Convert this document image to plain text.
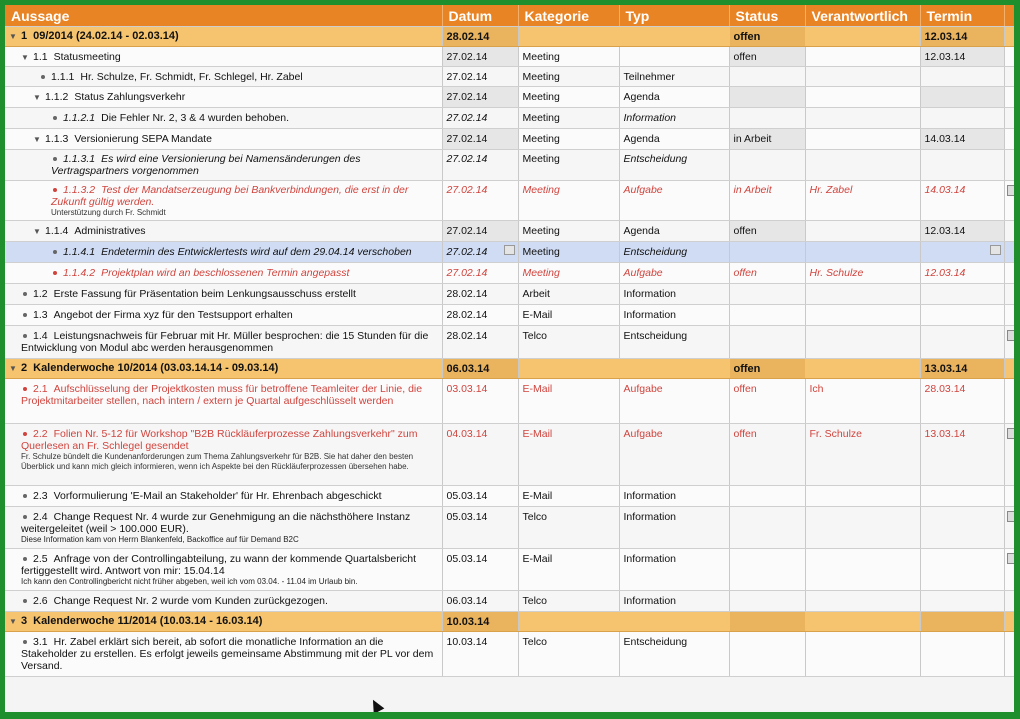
Aussage	Datum	Kategorie	Typ	Status	Verantwortlich	Termin	
▼ 1 09/2014 (24.02.14 - 02.03.14)	28.02.14			offen		12.03.14	
▼ 1.1 Statusmeeting	27.02.14	Meeting		offen		12.03.14	
1.1.1 Hr. Schulze, Fr. Schmidt, Fr. Schlegel, Hr. Zabel	27.02.14	Meeting	Teilnehmer				
▼ 1.1.2 Status Zahlungsverkehr	27.02.14	Meeting	Agenda				
1.1.2.1 Die Fehler Nr. 2, 3 & 4 wurden behoben.	27.02.14	Meeting	Information				
▼ 1.1.3 Versionierung SEPA Mandate	27.02.14	Meeting	Agenda	in Arbeit		14.03.14	
1.1.3.1 Es wird eine Versionierung bei Namensänderungen des Vertragspartners vorgenommen	27.02.14	Meeting	Entscheidung				
1.1.3.2 Test der Mandatserzeugung bei Bankverbindungen, die erst in der Zukunft gültig werden.
Unterstützung durch Fr. Schmidt	27.02.14	Meeting	Aufgabe	in Arbeit	Hr. Zabel	14.03.14	

▼ 1.1.4 Administratives	27.02.14	Meeting	Agenda	offen		12.03.14	
1.1.4.1 Endetermin des Entwicklertests wird auf dem 29.04.14 verschoben	27.02.14	Meeting	Entscheidung			

1.1.4.2 Projektplan wird an beschlossenen Termin angepasst	27.02.14	Meeting	Aufgabe	offen	Hr. Schulze	12.03.14	
1.2 Erste Fassung für Präsentation beim Lenkungsausschuss erstellt	28.02.14	Arbeit	Information				
1.3 Angebot der Firma xyz für den Testsupport erhalten	28.02.14	E-Mail	Information				
1.4 Leistungsnachweis für Februar mit Hr. Müller besprochen: die 15 Stunden für die Entwicklung von Modul abc werden herausgenommen	28.02.14	Telco	Entscheidung				

▼ 2 Kalenderwoche 10/2014 (03.03.14.14 - 09.03.14)	06.03.14			offen		13.03.14	
2.1 Aufschlüsselung der Projektkosten muss für betroffene Teamleiter der Linie, die Projektmitarbeiter stellen, nach intern / extern je Quartal aufgeschlüsselt werden	03.03.14	E-Mail	Aufgabe	offen	Ich	28.03.14	
2.2 Folien Nr. 5-12 für Workshop "B2B Rückläuferprozesse Zahlungsverkehr" zum Querlesen an Fr. Schlegel gesendet
Fr. Schulze bündelt die Kundenanforderungen zum Thema Zahlungsverkehr für B2B. Sie hat daher den besten Überblick und kann mich gleich informieren, wenn ich Aspekte bei den Rückläuferprozessen übersehen habe.	04.03.14	E-Mail	Aufgabe	offen	Fr. Schulze	13.03.14	

2.3 Vorformulierung 'E-Mail an Stakeholder' für Hr. Ehrenbach abgeschickt	05.03.14	E-Mail	Information				
2.4 Change Request Nr. 4 wurde zur Genehmigung an die nächsthöhere Instanz weitergeleitet (weil > 100.000 EUR).
Diese Information kam von Herrn Blankenfeld, Backoffice auf für Demand B2C	05.03.14	Telco	Information				

2.5 Anfrage von der Controllingabteilung, zu wann der kommende Quartalsbericht fertiggestellt wird. Antwort von mir: 15.04.14
Ich kann den Controllingbericht nicht früher abgeben, weil ich vom 03.04. - 11.04 im Urlaub bin.	05.03.14	E-Mail	Information				

2.6 Change Request Nr. 2 wurde vom Kunden zurückgezogen.	06.03.14	Telco	Information				
▼ 3 Kalenderwoche 11/2014 (10.03.14 - 16.03.14)	10.03.14						
3.1 Hr. Zabel erklärt sich bereit, ab sofort die monatliche Information an die Stakeholder zu erstellen. Es erfolgt jeweils gemeinsame Abstimmung mit der PL vor dem Versand.	10.03.14	Telco	Entscheidung				
